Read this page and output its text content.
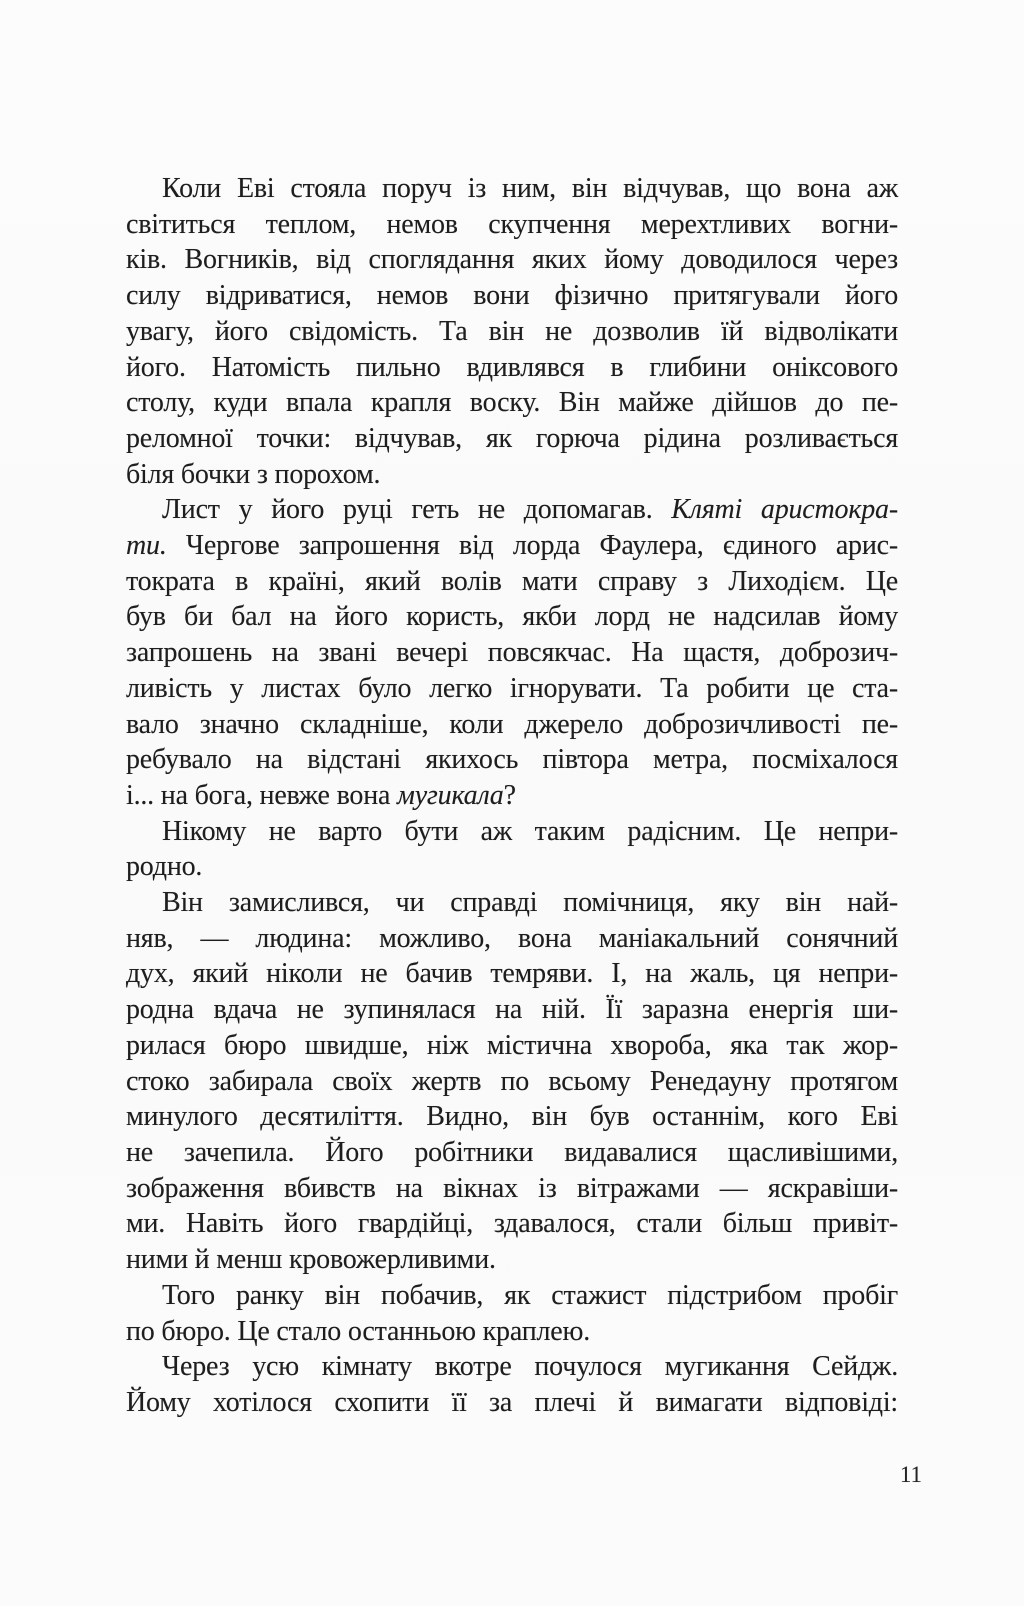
Коли Еві стояла поруч із ним, він відчував, що вона аж
світиться теплом, немов скупчення мерехтливих вогни-
ків. Вогників, від споглядання яких йому доводилося через
силу відриватися, немов вони фізично притягували його
увагу, його свідомість. Та він не дозволив їй відволікати
його. Натомість пильно вдивлявся в глибини оніксового
столу, куди впала крапля воску. Він майже дійшов до пе-
реломної точки: відчував, як горюча рідина розливається
біля бочки з порохом.
Лист у його руці геть не допомагав. Кляті аристокра-
ти. Чергове запрошення від лорда Фаулера, єдиного арис-
тократа в країні, який волів мати справу з Лиходієм. Це
був би бал на його користь, якби лорд не надсилав йому
запрошень на звані вечері повсякчас. На щастя, доброзич-
ливість у листах було легко ігнорувати. Та робити це ста-
вало значно складніше, коли джерело доброзичливості пе-
ребувало на відстані якихось півтора метра, посміхалося
і... на бога, невже вона мугикала?
Нікому не варто бути аж таким радісним. Це непри-
родно.
Він замислився, чи справді помічниця, яку він най-
няв, — людина: можливо, вона маніакальний сонячний
дух, який ніколи не бачив темряви. І, на жаль, ця непри-
родна вдача не зупинялася на ній. Її заразна енергія ши-
рилася бюро швидше, ніж містична хвороба, яка так жор-
стоко забирала своїх жертв по всьому Ренедауну протягом
минулого десятиліття. Видно, він був останнім, кого Еві
не зачепила. Його робітники видавалися щасливішими,
зображення вбивств на вікнах із вітражами — яскравіши-
ми. Навіть його гвардійці, здавалося, стали більш привіт-
ними й менш кровожерливими.
Того ранку він побачив, як стажист підстрибом пробіг
по бюро. Це стало останньою краплею.
Через усю кімнату вкотре почулося мугикання Сейдж.
Йому хотілося схопити її за плечі й вимагати відповіді:
11
